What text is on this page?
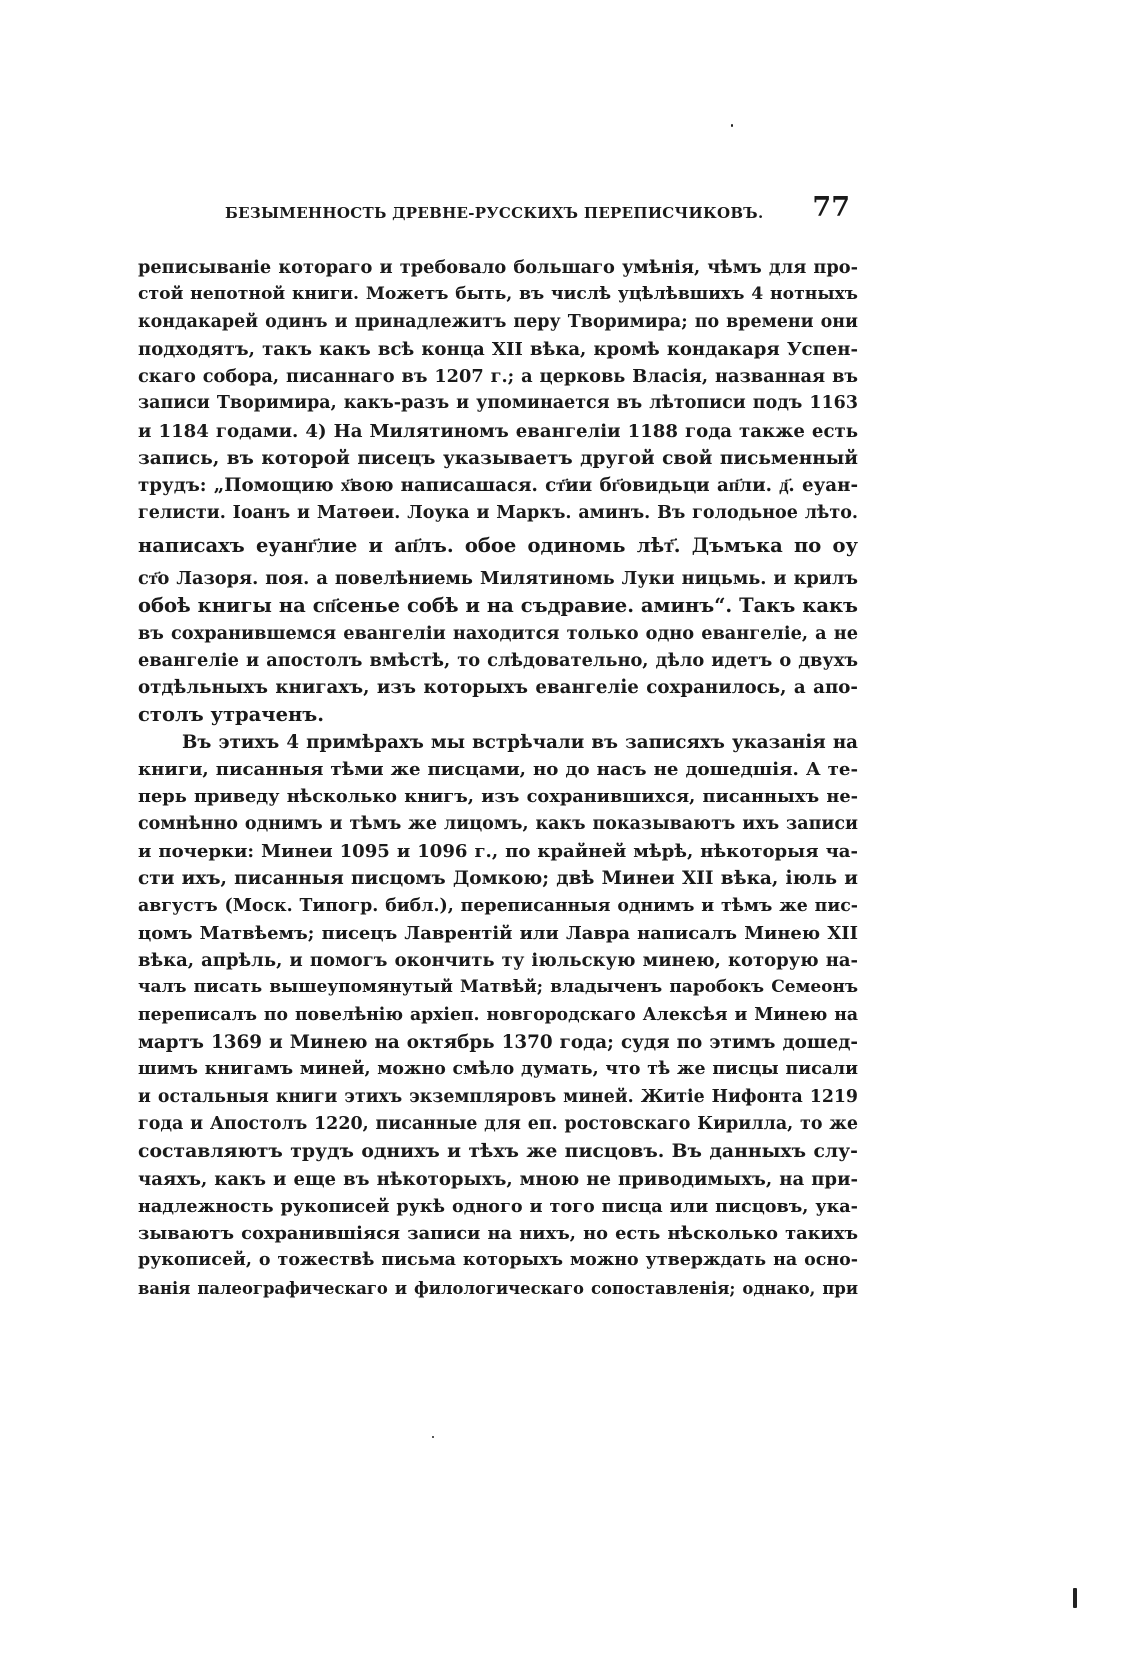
БЕЗЫМЕННОСТЬ ДРЕВНЕ-РУССКИХЪ ПЕРЕПИСЧИКОВЪ. 77
реписываніе котораго и требовало большаго умѣнія, чѣмъ для про-
стой непотной книги. Можетъ быть, въ числѣ уцѣлѣвшихъ 4 нотныхъ
кондакарей одинъ и принадлежитъ перу Творимира; по времени они
подходятъ, такъ какъ всѣ конца XII вѣка, кромѣ кондакаря Успен-
скаго собора, писаннаго въ 1207 г.; а церковь Власія, названная въ
записи Творимира, какъ-разъ и упоминается въ лѣтописи подъ 1163
и 1184 годами. 4) На Милятиномъ евангеліи 1188 года также есть
запись, въ которой писецъ указываетъ другой свой письменный
трудъ: „Помощию х҃вою написашася. ст҃ии бг҃овидьци ап҃ли. д҃. еуан-
гелисти. Іоанъ и Матөеи. Лоука и Маркъ. аминъ. Въ голодьное лѣто.
написахъ еуанг҃лие и ап҃лъ. обое одиномь лѣт҃. Дъмъка по оу
ст҃о Лазоря. поя. а повелѣниемь Милятиномь Луки ницьмь. и крилъ
обоѣ книгы на сп҃сенье собѣ и на съдравие. аминъ“. Такъ какъ
въ сохранившемся евангеліи находится только одно евангеліе, а не
евангеліе и апостолъ вмѣстѣ, то слѣдовательно, дѣло идетъ о двухъ
отдѣльныхъ книгахъ, изъ которыхъ евангеліе сохранилось, а апо-
столъ утраченъ.
Въ этихъ 4 примѣрахъ мы встрѣчали въ записяхъ указанія на
книги, писанныя тѣми же писцами, но до насъ не дошедшія. А те-
перь приведу нѣсколько книгъ, изъ сохранившихся, писанныхъ не-
сомнѣнно однимъ и тѣмъ же лицомъ, какъ показываютъ ихъ записи
и почерки: Минеи 1095 и 1096 г., по крайней мѣрѣ, нѣкоторыя ча-
сти ихъ, писанныя писцомъ Домкою; двѣ Минеи XII вѣка, іюль и
августъ (Моск. Типогр. библ.), переписанныя однимъ и тѣмъ же пис-
цомъ Матвѣемъ; писецъ Лаврентій или Лавра написалъ Минею XII
вѣка, апрѣль, и помогъ окончить ту іюльскую минею, которую на-
чалъ писать вышеупомянутый Матвѣй; владыченъ паробокъ Семеонъ
переписалъ по повелѣнію архіеп. новгородскаго Алексѣя и Минею на
мартъ 1369 и Минею на октябрь 1370 года; судя по этимъ дошед-
шимъ книгамъ миней, можно смѣло думать, что тѣ же писцы писали
и остальныя книги этихъ экземпляровъ миней. Житіе Нифонта 1219
года и Апостолъ 1220, писанные для еп. ростовскаго Кирилла, то же
составляютъ трудъ однихъ и тѣхъ же писцовъ. Въ данныхъ слу-
чаяхъ, какъ и еще въ нѣкоторыхъ, мною не приводимыхъ, на при-
надлежность рукописей рукѣ одного и того писца или писцовъ, ука-
зываютъ сохранившіяся записи на нихъ, но есть нѣсколько такихъ
рукописей, о тожествѣ письма которыхъ можно утверждать на осно-
ванія палеографическаго и филологическаго сопоставленія; однако, при
